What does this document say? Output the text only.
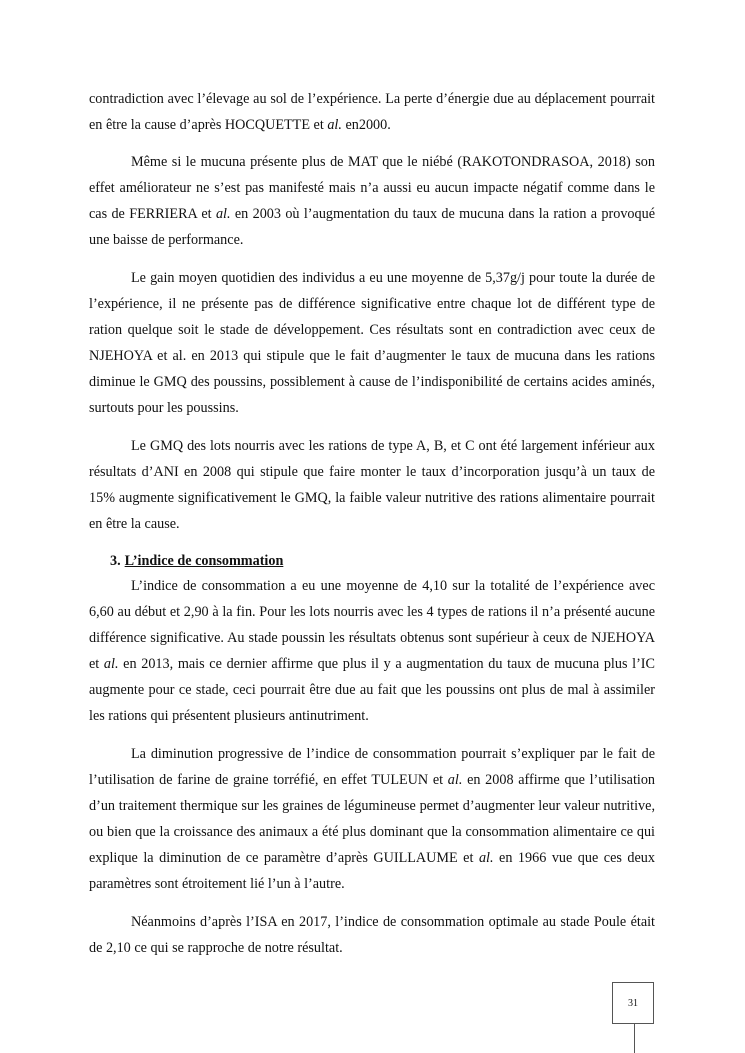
contradiction avec l’élevage au sol de l’expérience. La perte d’énergie due au déplacement pourrait en être la cause d’après HOCQUETTE et al. en2000.

Même si le mucuna présente plus de MAT que le niébé (RAKOTONDRASOA, 2018) son effet améliorateur ne s’est pas manifesté mais n’a aussi eu aucun impacte négatif comme dans le cas de FERRIERA et al. en 2003 où l’augmentation du taux de mucuna dans la ration a provoqué une baisse de performance.

Le gain moyen quotidien des individus a eu une moyenne de 5,37g/j pour toute la durée de l’expérience, il ne présente pas de différence significative entre chaque lot de différent type de ration quelque soit le stade de développement. Ces résultats sont en contradiction avec ceux de NJEHOYA et al. en 2013 qui stipule que le fait d’augmenter le taux de mucuna dans les rations diminue le GMQ des poussins, possiblement à cause de l’indisponibilité de certains acides aminés, surtouts pour les poussins.

Le GMQ des lots nourris avec les rations de type A, B, et C ont été largement inférieur aux résultats d’ANI en 2008 qui stipule que faire monter le taux d’incorporation jusqu’à un taux de 15% augmente significativement le GMQ, la faible valeur nutritive des rations alimentaire pourrait en être la cause.

3. L’indice de consommation

L’indice de consommation a eu une moyenne de 4,10 sur la totalité de l’expérience avec 6,60 au début et 2,90 à la fin. Pour les lots nourris avec les 4 types de rations il n’a présenté aucune différence significative. Au stade poussin les résultats obtenus sont supérieur à ceux de NJEHOYA et al. en 2013, mais ce dernier affirme que plus il y a augmentation du taux de mucuna plus l’IC augmente pour ce stade, ceci pourrait être due au fait que les poussins ont plus de mal à assimiler les rations qui présentent plusieurs antinutriment.

La diminution progressive de l’indice de consommation pourrait s’expliquer par le fait de l’utilisation de farine de graine torréfié, en effet TULEUN et al. en 2008 affirme que l’utilisation d’un traitement thermique sur les graines de légumineuse permet d’augmenter leur valeur nutritive, ou bien que la croissance des animaux a été plus dominant que la consommation alimentaire ce qui explique la diminution de ce paramètre d’après GUILLAUME et al. en 1966 vue que ces deux paramètres sont étroitement lié l’un à l’autre.

Néanmoins d’après l’ISA en 2017, l’indice de consommation optimale au stade Poule était de 2,10 ce qui se rapproche de notre résultat.

31
